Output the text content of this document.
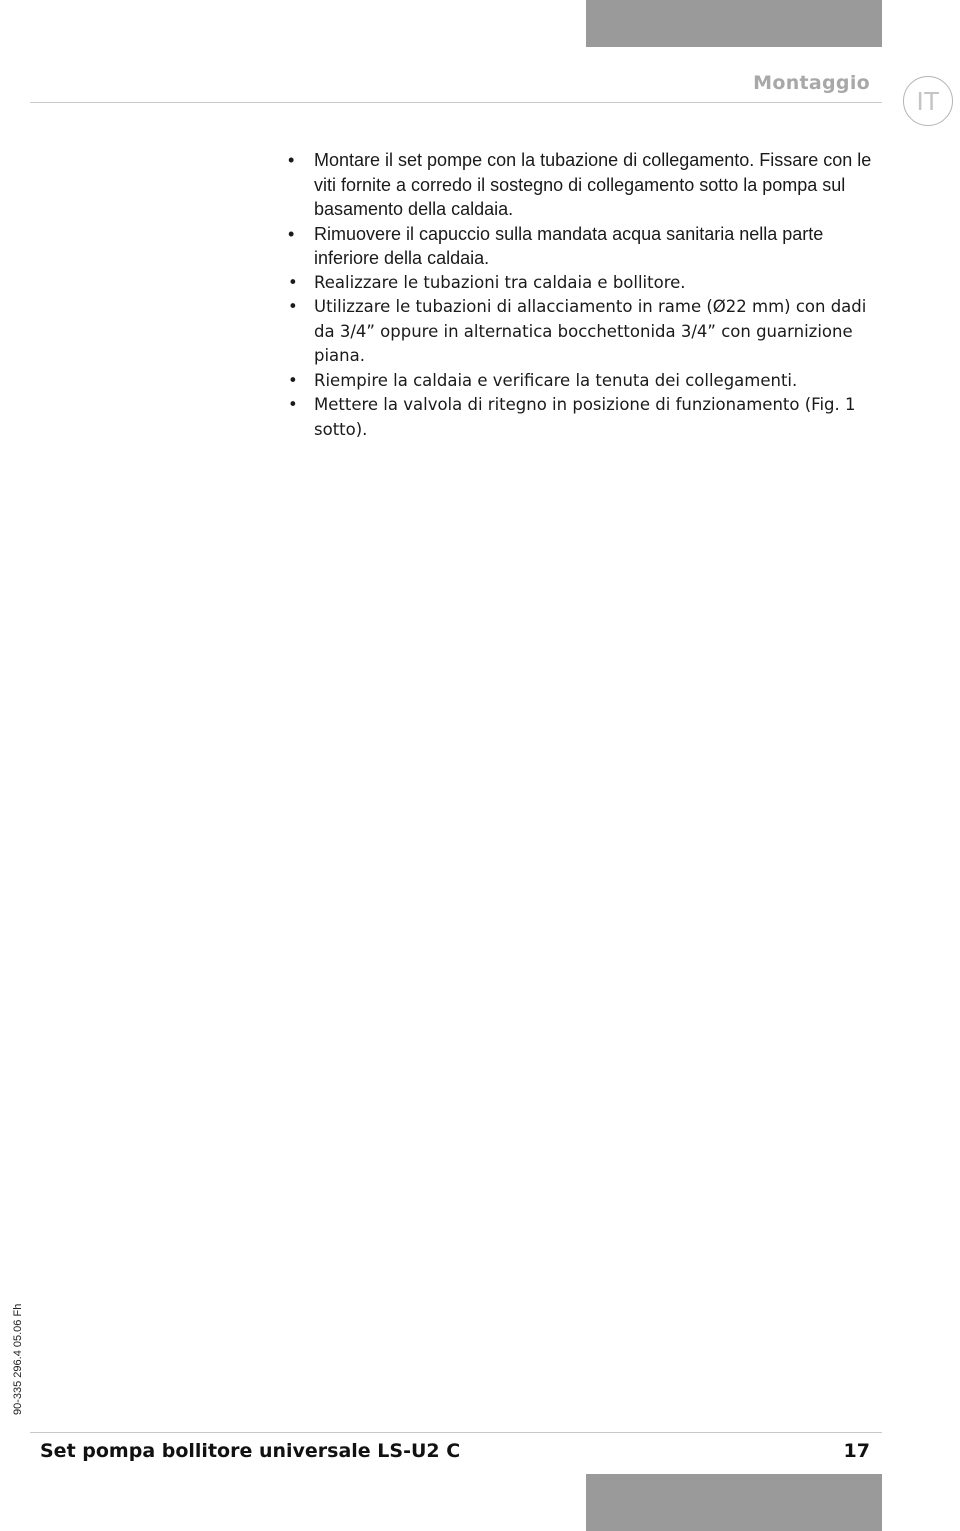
Montaggio
IT
• Montare il set pompe con la tubazione di collegamento. Fissare con le viti fornite a corredo il sostegno di collegamento sotto la pompa sul basamento della caldaia.
• Rimuovere il capuccio sulla mandata acqua sanitaria nella parte inferiore della caldaia.
• Realizzare le tubazioni tra caldaia e bollitore.
• Utilizzare le tubazioni di allacciamento in rame (Ø22 mm) con dadi da 3/4” oppure in alternatica bocchettonida 3/4” con guarnizione piana.
• Riempire la caldaia e verificare la tenuta dei collegamenti.
• Mettere la valvola di ritegno in posizione di funzionamento (Fig. 1 sotto).
90-335 296.4 05.06 Fh
Set pompa bollitore universale LS-U2 C	17
